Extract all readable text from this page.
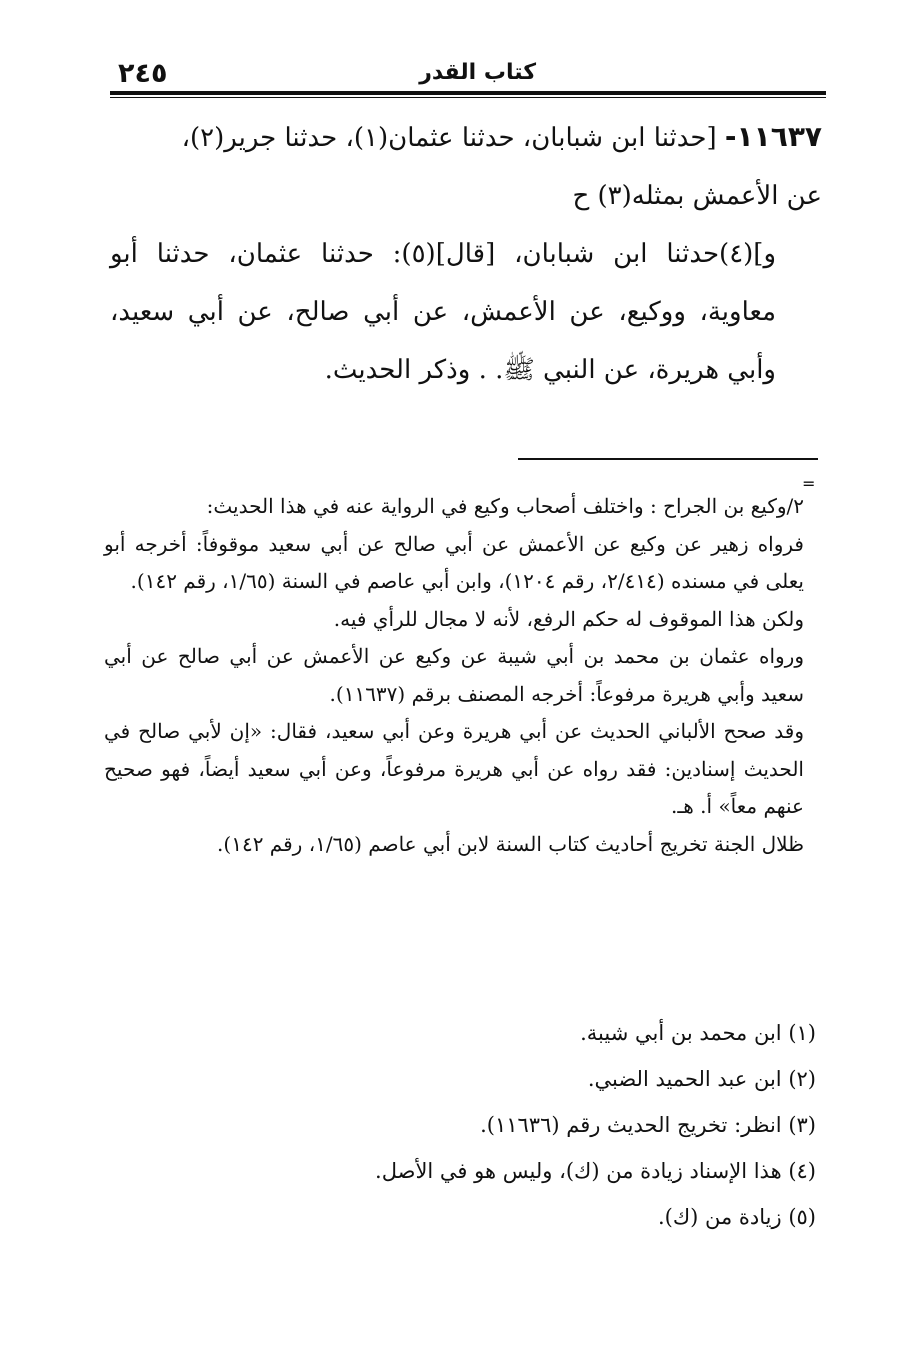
٢٤٥	كتاب القدر

١١٦٣٧- [حدثنا ابن شبابان، حدثنا عثمان(١)، حدثنا جرير(٢)،

عن الأعمش بمثله(٣) ح

و](٤)حدثنا ابن شبابان، [قال](٥): حدثنا عثمان، حدثنا أبو معاوية، ووكيع، عن الأعمش، عن أبي صالح، عن أبي سعيد، وأبي هريرة، عن النبي ﷺ. . وذكر الحديث.

=

٢/وكيع بن الجراح : واختلف أصحاب وكيع في الرواية عنه في هذا الحديث:

فرواه زهير عن وكيع عن الأعمش عن أبي صالح عن أبي سعيد موقوفاً: أخرجه أبو يعلى في مسنده (٢/٤١٤، رقم ١٢٠٤)، وابن أبي عاصم في السنة (١/٦٥، رقم ١٤٢).

ولكن هذا الموقوف له حكم الرفع، لأنه لا مجال للرأي فيه.

ورواه عثمان بن محمد بن أبي شيبة عن وكيع عن الأعمش عن أبي صالح عن أبي سعيد وأبي هريرة مرفوعاً: أخرجه المصنف برقم (١١٦٣٧).

وقد صحح الألباني الحديث عن أبي هريرة وعن أبي سعيد، فقال: «إن لأبي صالح في الحديث إسنادين: فقد رواه عن أبي هريرة مرفوعاً، وعن أبي سعيد أيضاً، فهو صحيح عنهم معاً» أ. هـ.

ظلال الجنة تخريج أحاديث كتاب السنة لابن أبي عاصم (١/٦٥، رقم ١٤٢).

(١) ابن محمد بن أبي شيبة.

(٢) ابن عبد الحميد الضبي.

(٣) انظر: تخريج الحديث رقم (١١٦٣٦).

(٤) هذا الإسناد زيادة من (ك)، وليس هو في الأصل.

(٥) زيادة من (ك).
